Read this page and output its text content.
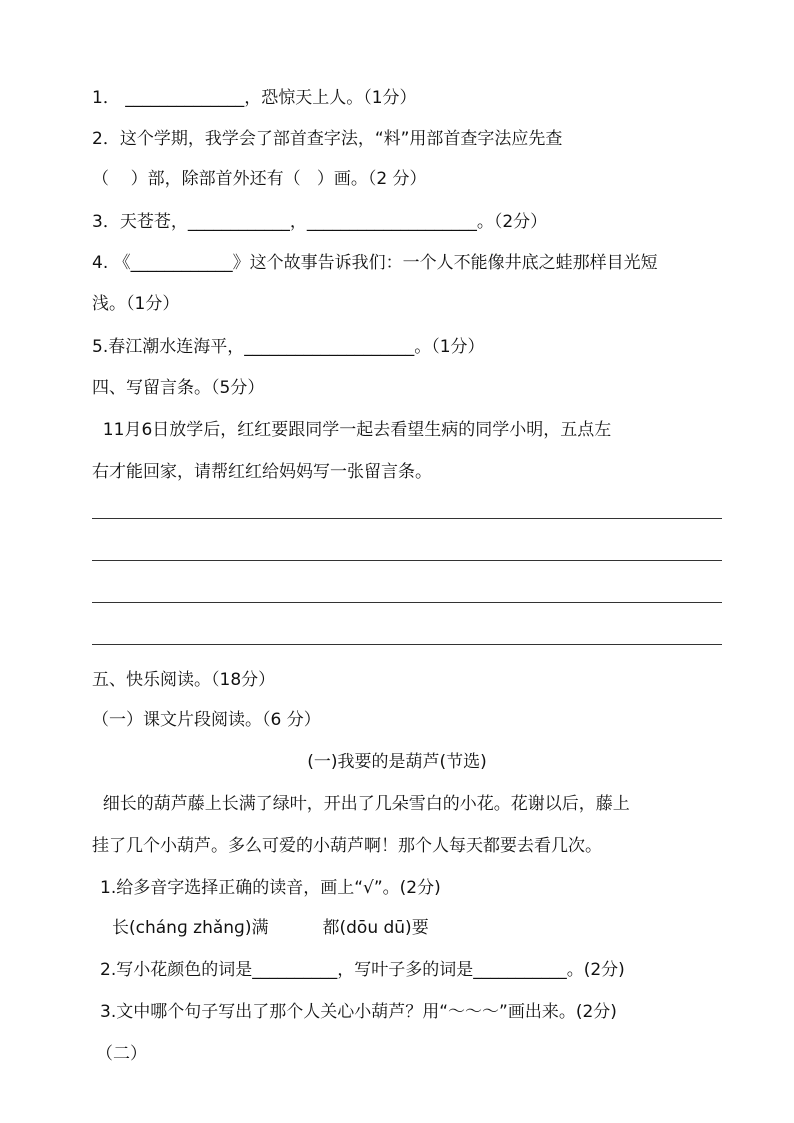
1． ______________，恐惊天上人。（1分）
2．这个学期，我学会了部首查字法，“料”用部首查字法应先查
（    ）部，除部首外还有（   ）画。（2 分）
3．天苍苍，____________，____________________。（2分）
4. 《____________》这个故事告诉我们：一个人不能像井底之蛙那样目光短
浅。（1分）
5.春江潮水连海平，____________________。（1分）
四、写留言条。（5分）
11月6日放学后，红红要跟同学一起去看望生病的同学小明，五点左
右才能回家，请帮红红给妈妈写一张留言条。
五、快乐阅读。（18分）
（一）课文片段阅读。（6 分）
(一)我要的是葫芦(节选)
细长的葫芦藤上长满了绿叶，开出了几朵雪白的小花。花谢以后，藤上
挂了几个小葫芦。多么可爱的小葫芦啊！那个人每天都要去看几次。
1.给多音字选择正确的读音，画上“√”。(2分)
长(chánɡ zhǎnɡ)满          都(dōu dū)要
2.写小花颜色的词是__________，写叶子多的词是___________。(2分)
3.文中哪个句子写出了那个人关心小葫芦？用“～～～”画出来。(2分)
（二）
